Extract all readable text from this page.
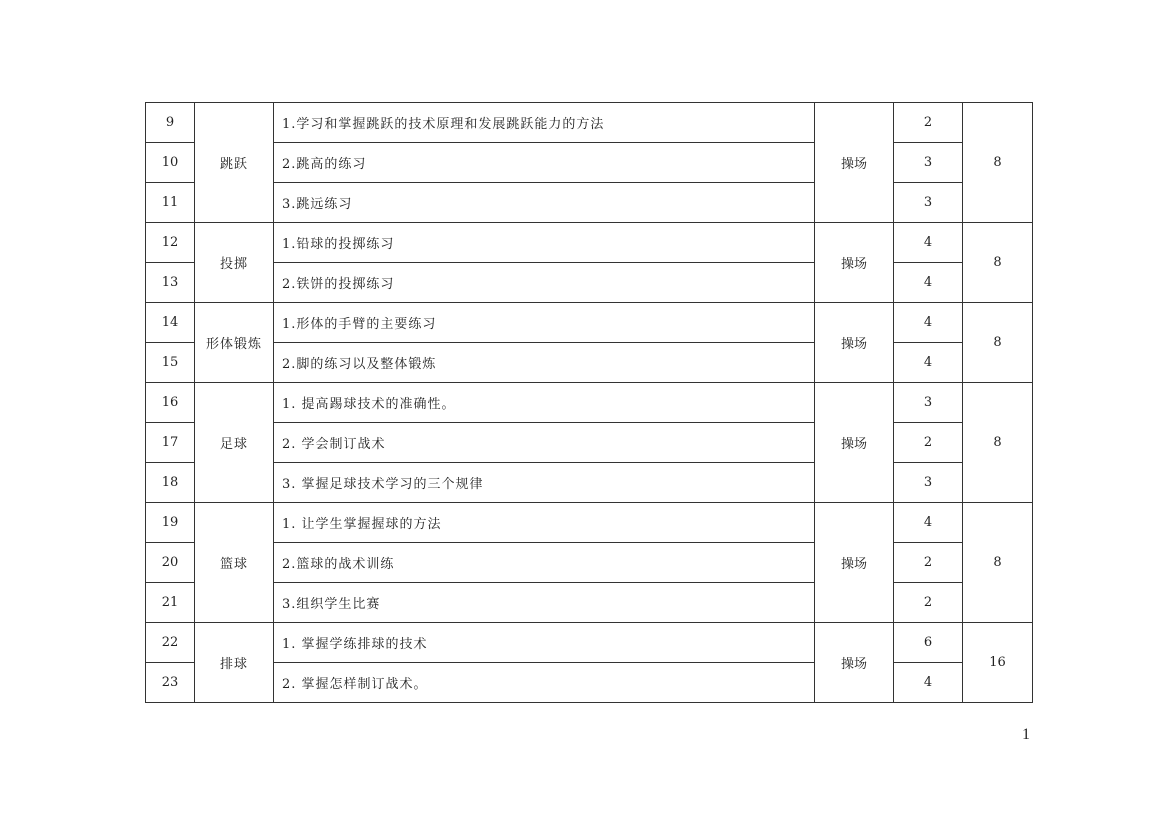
9	跳跃	1.学习和掌握跳跃的技术原理和发展跳跃能力的方法	操场	2	8
10		2.跳高的练习		3	
11		3.跳远练习		3	
12	投掷	1.铅球的投掷练习	操场	4	8
13		2.铁饼的投掷练习		4	
14	形体锻炼	1.形体的手臂的主要练习	操场	4	8
15		2.脚的练习以及整体锻炼		4	
16	足球	1. 提高踢球技术的准确性。	操场	3	8
17		2. 学会制订战术		2	
18		3. 掌握足球技术学习的三个规律		3	
19	篮球	1. 让学生掌握握球的方法	操场	4	8
20		2.篮球的战术训练		2	
21		3.组织学生比赛		2	
22	排球	1. 掌握学练排球的技术	操场	6	16
23		2. 掌握怎样制订战术。		4	
1
